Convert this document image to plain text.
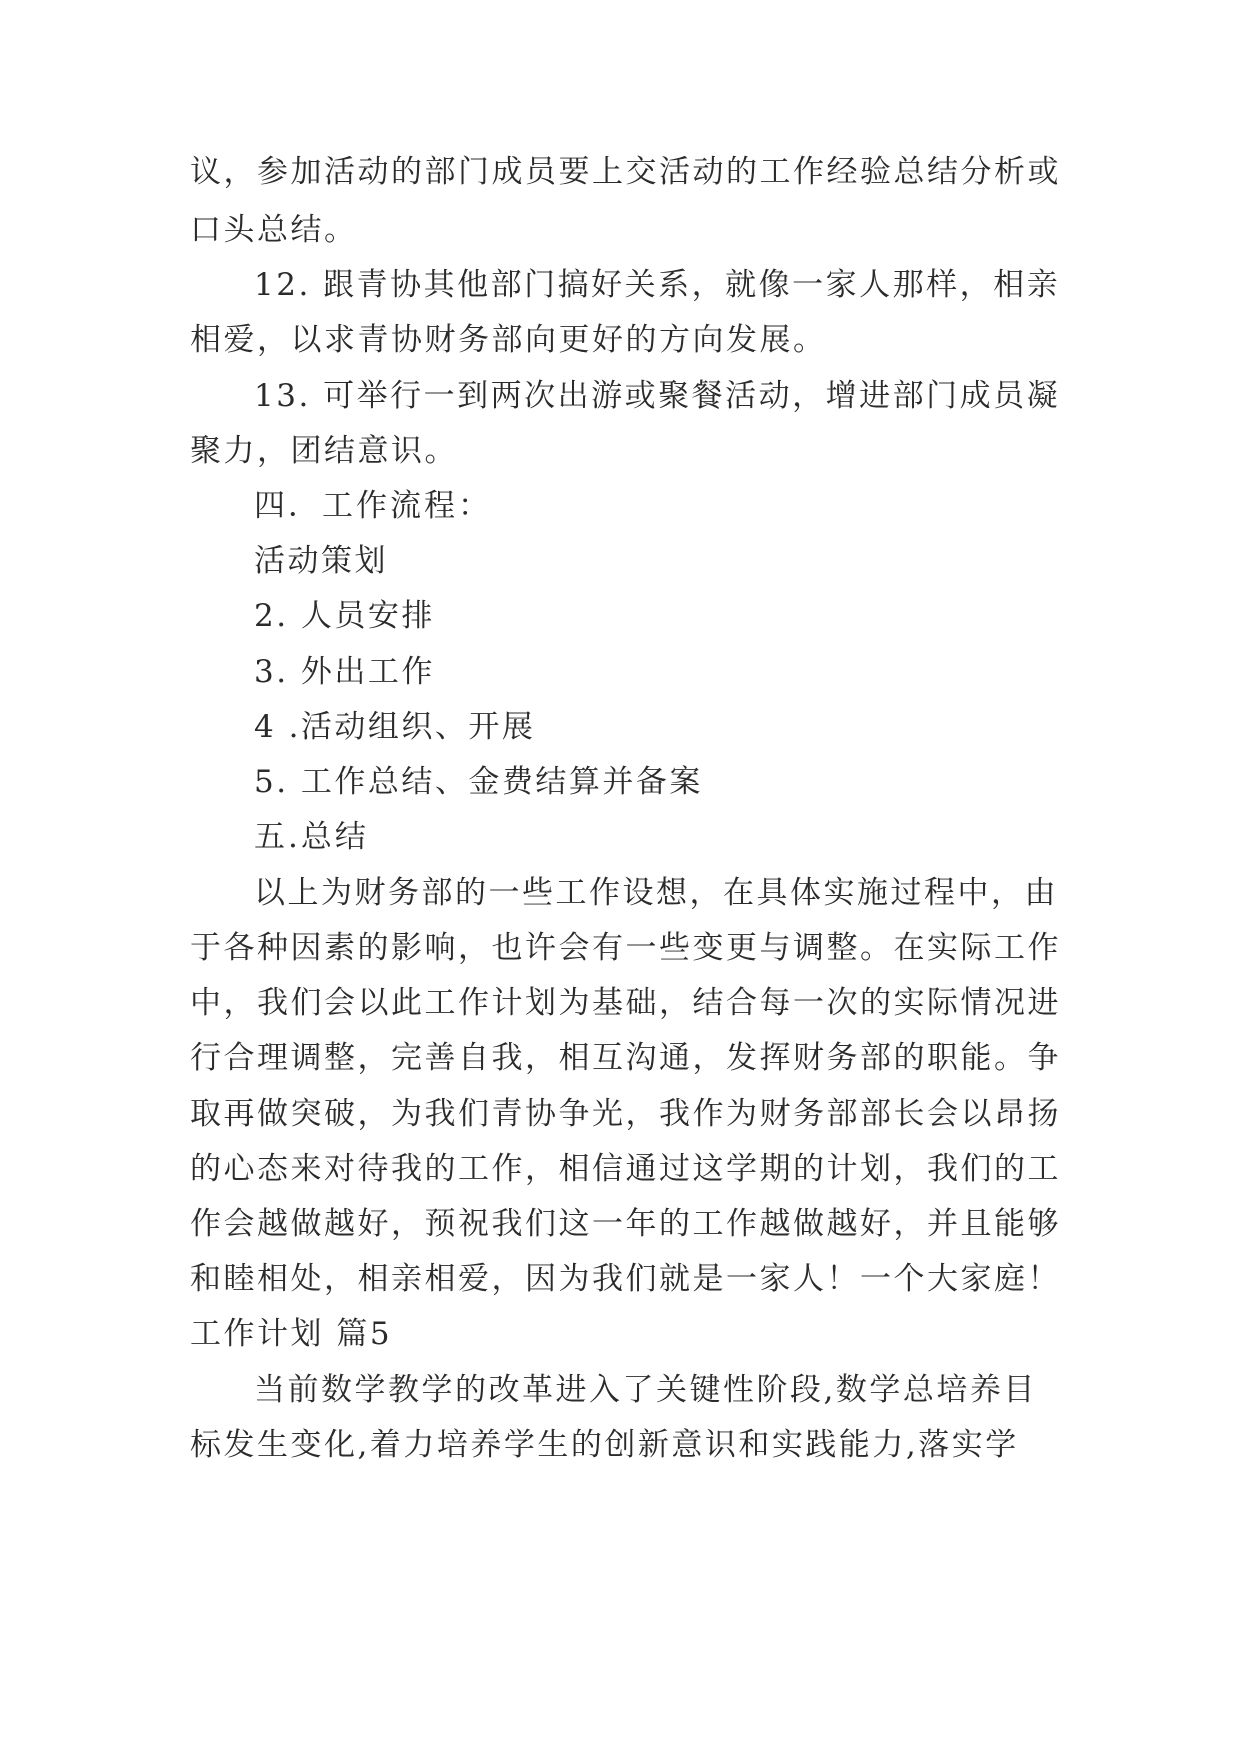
议，参加活动的部门成员要上交活动的工作经验总结分析或
口头总结。
12. 跟青协其他部门搞好关系，就像一家人那样，相亲
相爱，以求青协财务部向更好的方向发展。
13. 可举行一到两次出游或聚餐活动，增进部门成员凝
聚力，团结意识。
四．工作流程：
活动策划
2. 人员安排
3. 外出工作
4 .活动组织、开展
5. 工作总结、金费结算并备案
五.总结
以上为财务部的一些工作设想，在具体实施过程中，由
于各种因素的影响，也许会有一些变更与调整。在实际工作
中，我们会以此工作计划为基础，结合每一次的实际情况进
行合理调整，完善自我，相互沟通，发挥财务部的职能。争
取再做突破，为我们青协争光，我作为财务部部长会以昂扬
的心态来对待我的工作，相信通过这学期的计划，我们的工
作会越做越好，预祝我们这一年的工作越做越好，并且能够
和睦相处，相亲相爱，因为我们就是一家人！一个大家庭！
工作计划 篇5
当前数学教学的改革进入了关键性阶段,数学总培养目
标发生变化,着力培养学生的创新意识和实践能力,落实学
